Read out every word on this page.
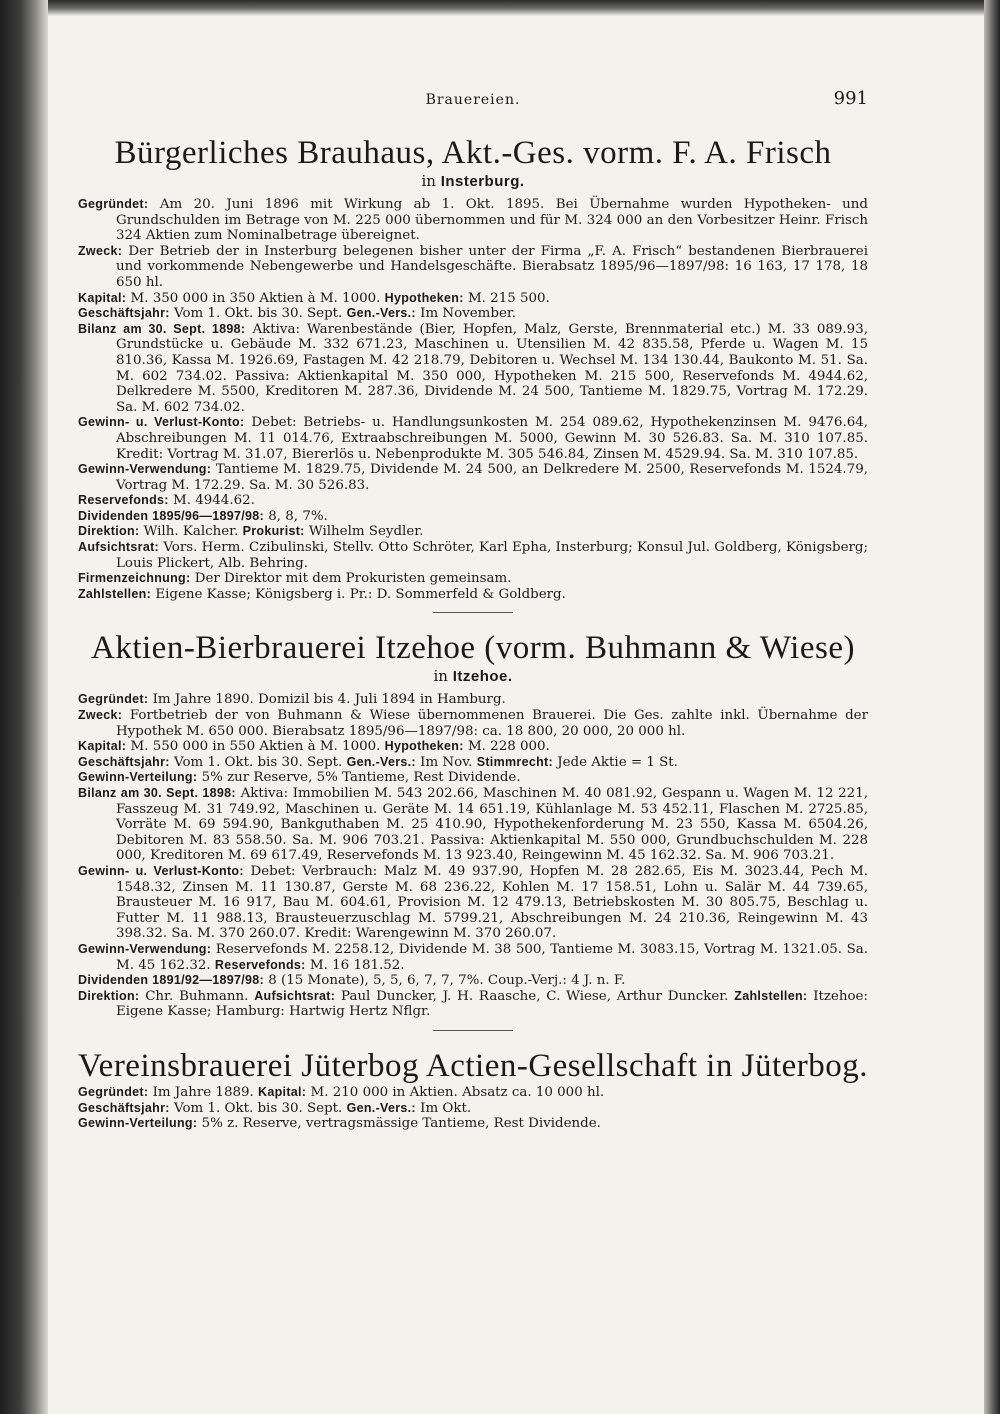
Brauereien.	991
Bürgerliches Brauhaus, Akt.-Ges. vorm. F. A. Frisch
in Insterburg.

Gegründet: Am 20. Juni 1896 mit Wirkung ab 1. Okt. 1895. Bei Übernahme wurden Hypotheken- und Grundschulden im Betrage von M. 225 000 übernommen und für M. 324 000 an den Vorbesitzer Heinr. Frisch 324 Aktien zum Nominalbetrage übereignet.

Zweck: Der Betrieb der in Insterburg belegenen bisher unter der Firma „F. A. Frisch“ bestandenen Bierbrauerei und vorkommende Nebengewerbe und Handelsgeschäfte. Bierabsatz 1895/96—1897/98: 16 163, 17 178, 18 650 hl.

Kapital: M. 350 000 in 350 Aktien à M. 1000. Hypotheken: M. 215 500.

Geschäftsjahr: Vom 1. Okt. bis 30. Sept. Gen.-Vers.: Im November.

Bilanz am 30. Sept. 1898: Aktiva: Warenbestände (Bier, Hopfen, Malz, Gerste, Brennmaterial etc.) M. 33 089.93, Grundstücke u. Gebäude M. 332 671.23, Maschinen u. Utensilien M. 42 835.58, Pferde u. Wagen M. 15 810.36, Kassa M. 1926.69, Fastagen M. 42 218.79, Debitoren u. Wechsel M. 134 130.44, Baukonto M. 51. Sa. M. 602 734.02. Passiva: Aktienkapital M. 350 000, Hypotheken M. 215 500, Reservefonds M. 4944.62, Delkredere M. 5500, Kreditoren M. 287.36, Dividende M. 24 500, Tantieme M. 1829.75, Vortrag M. 172.29. Sa. M. 602 734.02.

Gewinn- u. Verlust-Konto: Debet: Betriebs- u. Handlungsunkosten M. 254 089.62, Hypothekenzinsen M. 9476.64, Abschreibungen M. 11 014.76, Extraabschreibungen M. 5000, Gewinn M. 30 526.83. Sa. M. 310 107.85. Kredit: Vortrag M. 31.07, Biererlös u. Nebenprodukte M. 305 546.84, Zinsen M. 4529.94. Sa. M. 310 107.85.

Gewinn-Verwendung: Tantieme M. 1829.75, Dividende M. 24 500, an Delkredere M. 2500, Reservefonds M. 1524.79, Vortrag M. 172.29. Sa. M. 30 526.83.

Reservefonds: M. 4944.62.

Dividenden 1895/96—1897/98: 8, 8, 7%.

Direktion: Wilh. Kalcher. Prokurist: Wilhelm Seydler.

Aufsichtsrat: Vors. Herm. Czibulinski, Stellv. Otto Schröter, Karl Epha, Insterburg; Konsul Jul. Goldberg, Königsberg; Louis Plickert, Alb. Behring.

Firmenzeichnung: Der Direktor mit dem Prokuristen gemeinsam.

Zahlstellen: Eigene Kasse; Königsberg i. Pr.: D. Sommerfeld & Goldberg.

Aktien-Bierbrauerei Itzehoe (vorm. Buhmann & Wiese)
in Itzehoe.

Gegründet: Im Jahre 1890. Domizil bis 4. Juli 1894 in Hamburg.

Zweck: Fortbetrieb der von Buhmann & Wiese übernommenen Brauerei. Die Ges. zahlte inkl. Übernahme der Hypothek M. 650 000. Bierabsatz 1895/96—1897/98: ca. 18 800, 20 000, 20 000 hl.

Kapital: M. 550 000 in 550 Aktien à M. 1000. Hypotheken: M. 228 000.

Geschäftsjahr: Vom 1. Okt. bis 30. Sept. Gen.-Vers.: Im Nov. Stimmrecht: Jede Aktie = 1 St.

Gewinn-Verteilung: 5% zur Reserve, 5% Tantieme, Rest Dividende.

Bilanz am 30. Sept. 1898: Aktiva: Immobilien M. 543 202.66, Maschinen M. 40 081.92, Gespann u. Wagen M. 12 221, Fasszeug M. 31 749.92, Maschinen u. Geräte M. 14 651.19, Kühlanlage M. 53 452.11, Flaschen M. 2725.85, Vorräte M. 69 594.90, Bankguthaben M. 25 410.90, Hypothekenforderung M. 23 550, Kassa M. 6504.26, Debitoren M. 83 558.50. Sa. M. 906 703.21. Passiva: Aktienkapital M. 550 000, Grundbuchschulden M. 228 000, Kreditoren M. 69 617.49, Reservefonds M. 13 923.40, Reingewinn M. 45 162.32. Sa. M. 906 703.21.

Gewinn- u. Verlust-Konto: Debet: Verbrauch: Malz M. 49 937.90, Hopfen M. 28 282.65, Eis M. 3023.44, Pech M. 1548.32, Zinsen M. 11 130.87, Gerste M. 68 236.22, Kohlen M. 17 158.51, Lohn u. Salär M. 44 739.65, Brausteuer M. 16 917, Bau M. 604.61, Provision M. 12 479.13, Betriebskosten M. 30 805.75, Beschlag u. Futter M. 11 988.13, Brausteuerzuschlag M. 5799.21, Abschreibungen M. 24 210.36, Reingewinn M. 43 398.32. Sa. M. 370 260.07. Kredit: Warengewinn M. 370 260.07.

Gewinn-Verwendung: Reservefonds M. 2258.12, Dividende M. 38 500, Tantieme M. 3083.15, Vortrag M. 1321.05. Sa. M. 45 162.32. Reservefonds: M. 16 181.52.

Dividenden 1891/92—1897/98: 8 (15 Monate), 5, 5, 6, 7, 7, 7%. Coup.-Verj.: 4 J. n. F.

Direktion: Chr. Buhmann. Aufsichtsrat: Paul Duncker, J. H. Raasche, C. Wiese, Arthur Duncker. Zahlstellen: Itzehoe: Eigene Kasse; Hamburg: Hartwig Hertz Nflgr.

Vereinsbrauerei Jüterbog Actien-Gesellschaft in Jüterbog.

Gegründet: Im Jahre 1889. Kapital: M. 210 000 in Aktien. Absatz ca. 10 000 hl.

Geschäftsjahr: Vom 1. Okt. bis 30. Sept. Gen.-Vers.: Im Okt.

Gewinn-Verteilung: 5% z. Reserve, vertragsmässige Tantieme, Rest Dividende.
